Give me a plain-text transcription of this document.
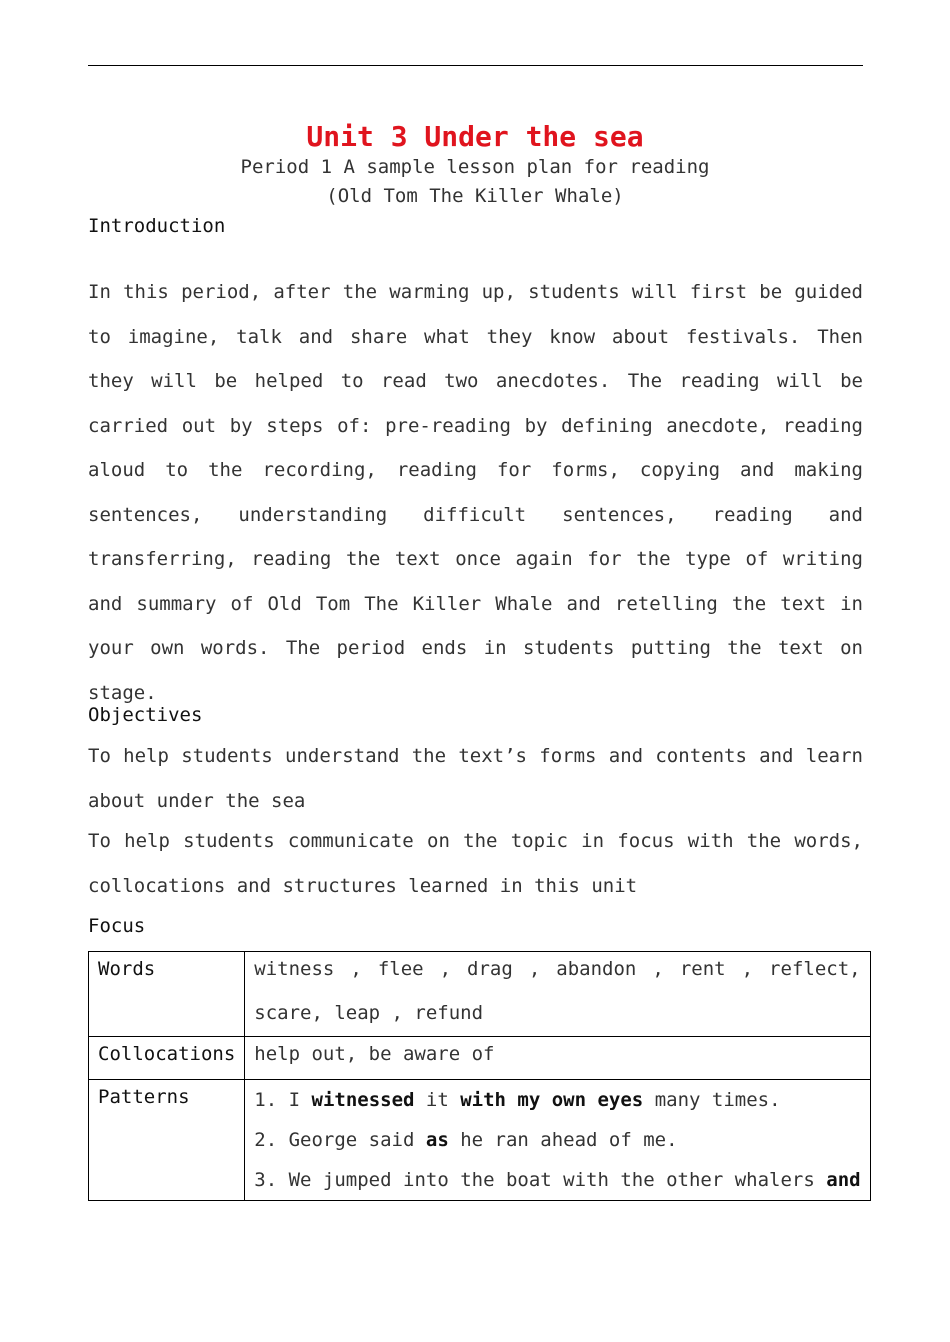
Unit 3 Under the sea
Period 1 A sample lesson plan for reading
(Old Tom The Killer Whale)
Introduction

In this period, after the warming up, students will first be guided to imagine, talk and share what they know about festivals. Then they will be helped to read two anecdotes. The reading will be carried out by steps of: pre-reading by defining anecdote, reading aloud to the recording, reading for forms, copying and making sentences, understanding difficult sentences, reading and transferring, reading the text once again for the type of writing and summary of Old Tom The Killer Whale and retelling the text in your own words. The period ends in students putting the text on stage.

Objectives

To help students understand the text’s forms and contents and learn about under the sea

To help students communicate on the topic in focus with the words, collocations and structures learned in this unit

Focus

Words	witness , flee , drag , abandon , rent , reflect, scare, leap , refund

Collocations	help out, be aware of

Patterns	1. I witnessed it with my own eyes many times.
2. George said as he ran ahead of me.
3. We jumped into the boat with the other whalers and
